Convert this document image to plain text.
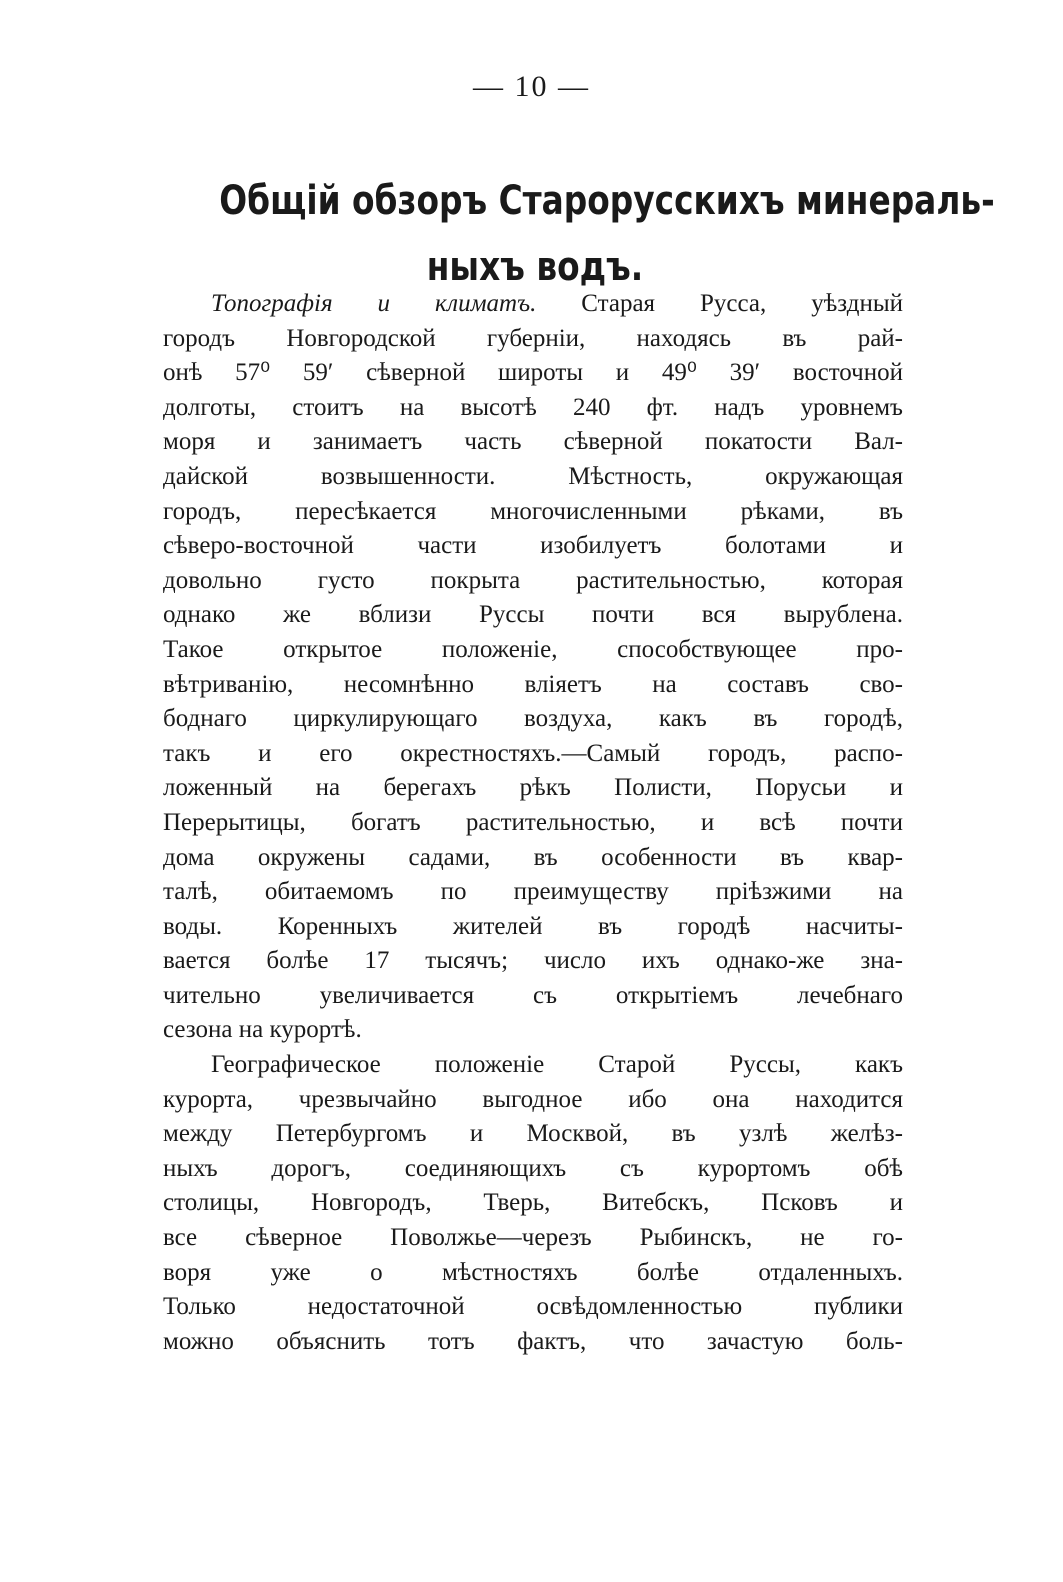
— 10 —
Общій обзоръ Старорусскихъ минераль-
ныхъ водъ.
Топографія и климатъ. Старая Русса, уѣздный
городъ Новгородской губерніи, находясь въ рай-
онѣ 57⁰ 59′ сѣверной широты и 49⁰ 39′ восточной
долготы, стоитъ на высотѣ 240 фт. надъ уровнемъ
моря и занимаетъ часть сѣверной покатости Вал-
дайской возвышенности. Мѣстность, окружающая
городъ, пересѣкается многочисленными рѣками, въ
сѣверо-восточной части изобилуетъ болотами и
довольно густо покрыта растительностью, которая
однако же вблизи Руссы почти вся вырублена.
Такое открытое положеніе, способствующее про-
вѣтриванію, несомнѣнно вліяетъ на составъ сво-
боднаго циркулирующаго воздуха, какъ въ городѣ,
такъ и его окрестностяхъ.—Самый городъ, распо-
ложенный на берегахъ рѣкъ Полисти, Порусьи и
Перерытицы, богатъ растительностью, и всѣ почти
дома окружены садами, въ особенности въ квар-
талѣ, обитаемомъ по преимуществу пріѣзжими на
воды. Коренныхъ жителей въ городѣ насчиты-
вается болѣе 17 тысячъ; число ихъ однако-же зна-
чительно увеличивается съ открытіемъ лечебнаго
сезона на курортѣ.
Географическое положеніе Старой Руссы, какъ
курорта, чрезвычайно выгодное ибо она находится
между Петербургомъ и Москвой, въ узлѣ желѣз-
ныхъ дорогъ, соединяющихъ съ курортомъ обѣ
столицы, Новгородъ, Тверь, Витебскъ, Псковъ и
все сѣверное Поволжье—черезъ Рыбинскъ, не го-
воря уже о мѣстностяхъ болѣе отдаленныхъ.
Только недостаточной освѣдомленностью публики
можно объяснить тотъ фактъ, что зачастую боль-
